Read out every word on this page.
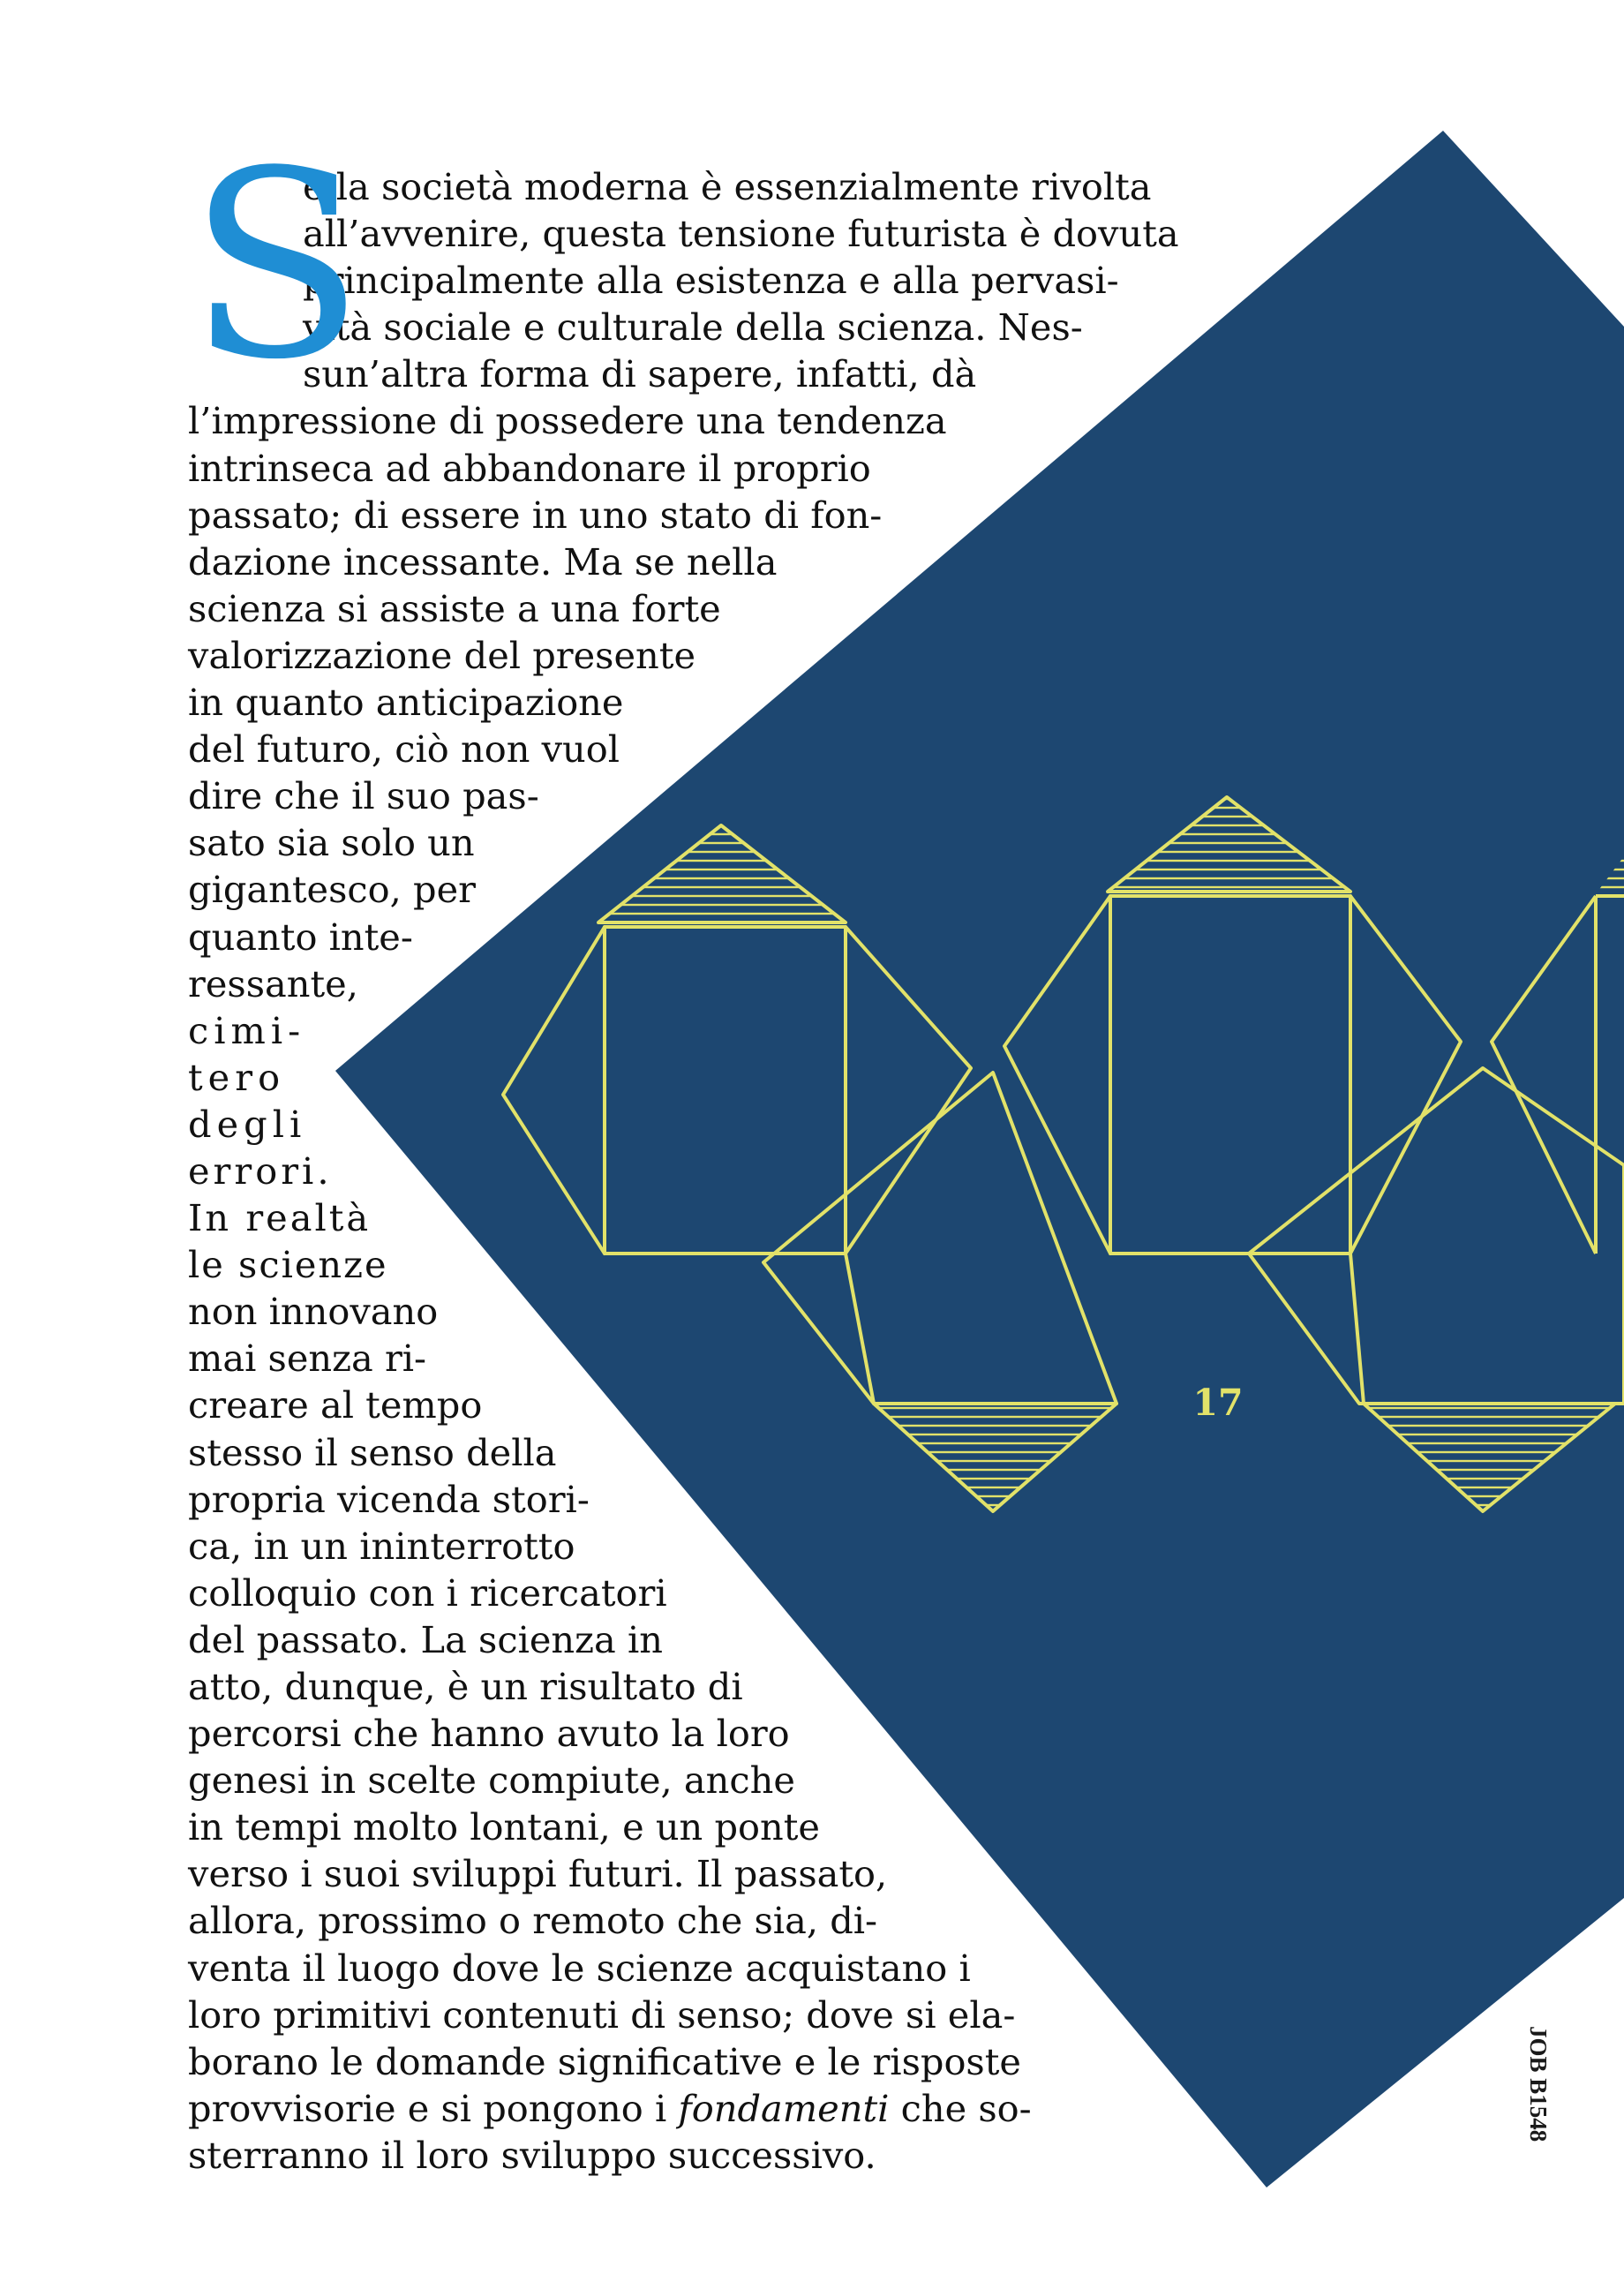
17
S
e la società moderna è essenzialmente rivolta
all’avvenire, questa tensione futurista è dovuta
principalmente alla esistenza e alla pervasi-
vità sociale e culturale della scienza. Nes-
sun’altra forma di sapere, infatti, dà
l’impressione di possedere una tendenza
intrinseca ad abbandonare il proprio
passato; di essere in uno stato di fon-
dazione incessante. Ma se nella
scienza si assiste a una forte
valorizzazione del presente
in quanto anticipazione
del futuro, ciò non vuol
dire che il suo pas-
sato sia solo un
gigantesco, per
quanto inte-
ressante,
cimi-
tero
degli
errori.
In realtà
le scienze
non innovano
mai senza ri-
creare al tempo
stesso il senso della
propria vicenda stori-
ca, in un ininterrotto
colloquio con i ricercatori
del passato. La scienza in
atto, dunque, è un risultato di
percorsi che hanno avuto la loro
genesi in scelte compiute, anche
in tempi molto lontani, e un ponte
verso i suoi sviluppi futuri. Il passato,
allora, prossimo o remoto che sia, di-
venta il luogo dove le scienze acquistano i
loro primitivi contenuti di senso; dove si ela-
borano le domande significative e le risposte
provvisorie e si pongono i fondamenti che so-
sterranno il loro sviluppo successivo.
JOB B1548
